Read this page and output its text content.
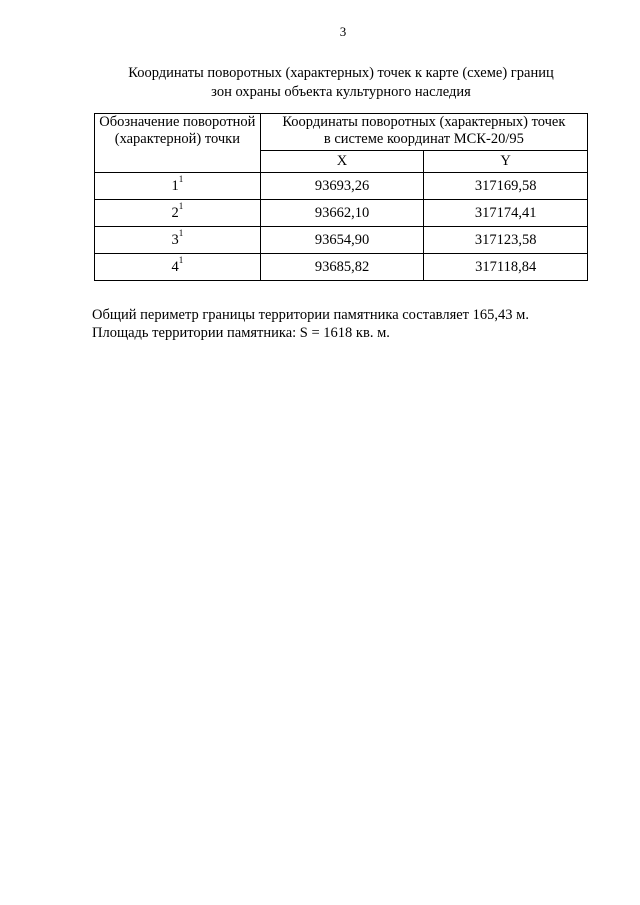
3
Координаты поворотных (характерных) точек к карте (схеме) границ
зон охраны объекта культурного наследия
Обозначение поворотной (характерной) точки	Координаты поворотных (характерных) точек
в системе координат МСК-20/95	

	X	Y
$1^1$	93693,26	317169,58
$2^1$	93662,10	317174,41
$3^1$	93654,90	317123,58
$4^1$	93685,82	317118,84
Общий периметр границы территории памятника составляет 165,43 м.
Площадь территории памятника: S = 1618 кв. м.
